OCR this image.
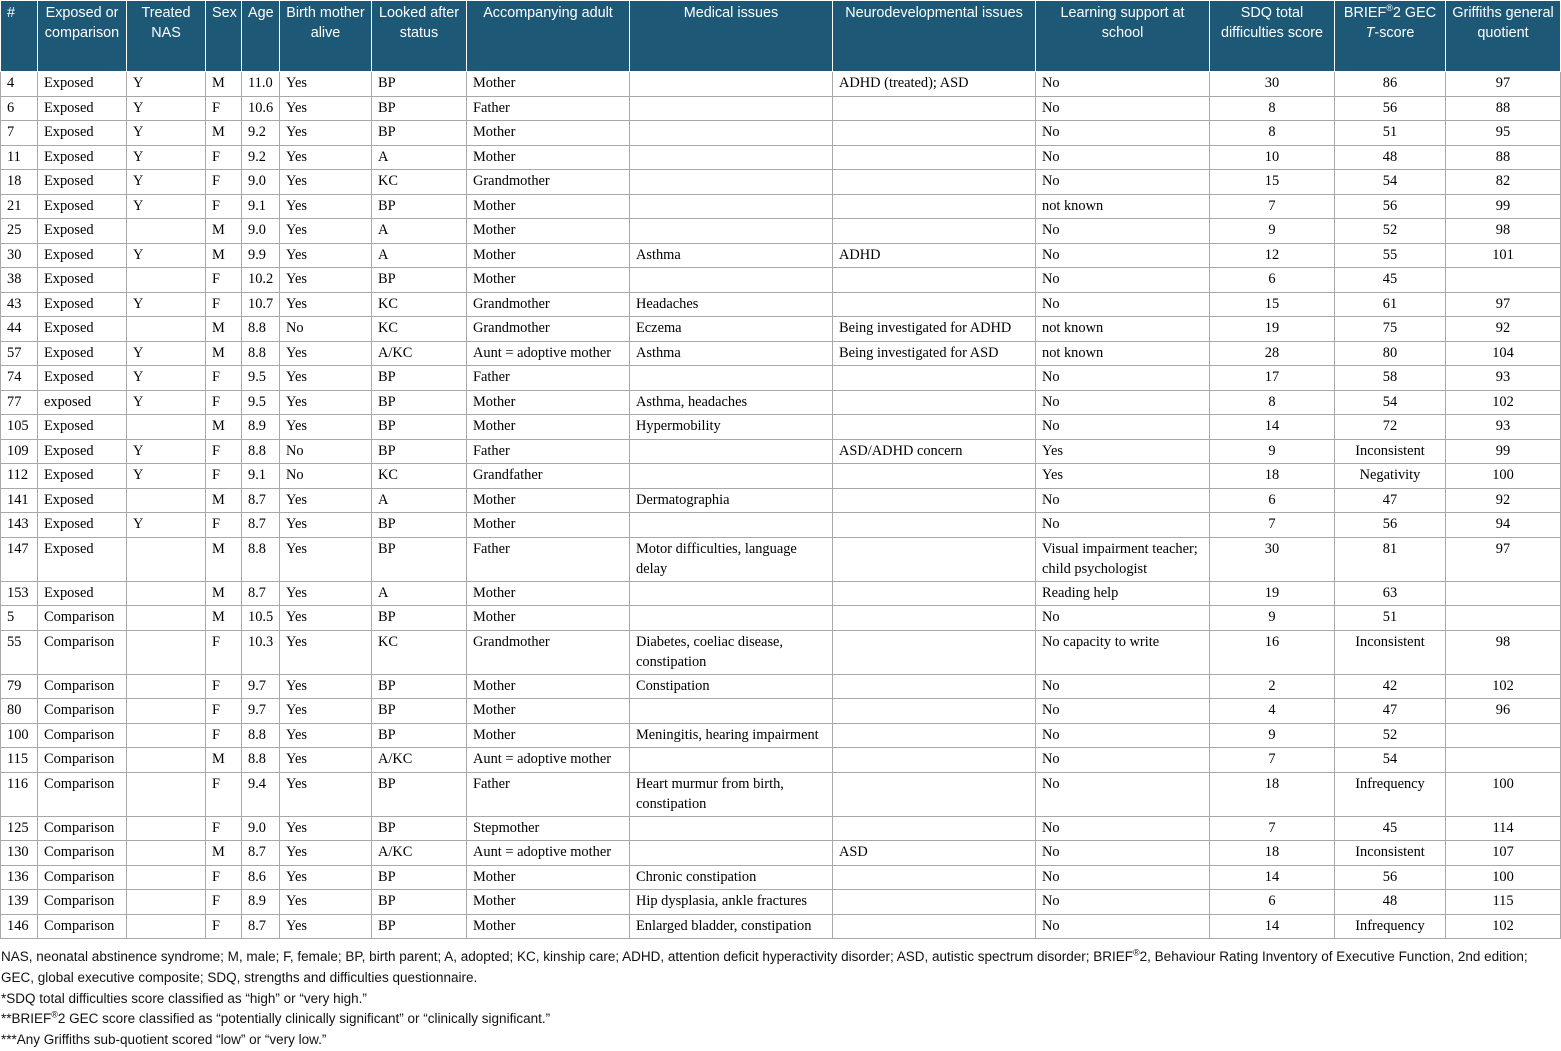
#	Exposed or comparison	Treated NAS	Sex	Age	Birth mother alive	Looked after status	Accompanying adult	Medical issues	Neurodevelopmental issues	Learning support at school	SDQ total difficulties score	BRIEF®2 GEC T-score	Griffiths general quotient
4	Exposed	Y	M	11.0	Yes	BP	Mother		ADHD (treated); ASD	No	30	86	97
6	Exposed	Y	F	10.6	Yes	BP	Father			No	8	56	88
7	Exposed	Y	M	9.2	Yes	BP	Mother			No	8	51	95
11	Exposed	Y	F	9.2	Yes	A	Mother			No	10	48	88
18	Exposed	Y	F	9.0	Yes	KC	Grandmother			No	15	54	82
21	Exposed	Y	F	9.1	Yes	BP	Mother			not known	7	56	99
25	Exposed		M	9.0	Yes	A	Mother			No	9	52	98
30	Exposed	Y	M	9.9	Yes	A	Mother	Asthma	ADHD	No	12	55	101
38	Exposed		F	10.2	Yes	BP	Mother			No	6	45	
43	Exposed	Y	F	10.7	Yes	KC	Grandmother	Headaches		No	15	61	97
44	Exposed		M	8.8	No	KC	Grandmother	Eczema	Being investigated for ADHD	not known	19	75	92
57	Exposed	Y	M	8.8	Yes	A/KC	Aunt = adoptive mother	Asthma	Being investigated for ASD	not known	28	80	104
74	Exposed	Y	F	9.5	Yes	BP	Father			No	17	58	93
77	exposed	Y	F	9.5	Yes	BP	Mother	Asthma, headaches		No	8	54	102
105	Exposed		M	8.9	Yes	BP	Mother	Hypermobility		No	14	72	93
109	Exposed	Y	F	8.8	No	BP	Father		ASD/ADHD concern	Yes	9	Inconsistent	99
112	Exposed	Y	F	9.1	No	KC	Grandfather			Yes	18	Negativity	100
141	Exposed		M	8.7	Yes	A	Mother	Dermatographia		No	6	47	92
143	Exposed	Y	F	8.7	Yes	BP	Mother			No	7	56	94
147	Exposed		M	8.8	Yes	BP	Father	Motor difficulties, language delay		Visual impairment teacher; child psychologist	30	81	97
153	Exposed		M	8.7	Yes	A	Mother			Reading help	19	63	
5	Comparison		M	10.5	Yes	BP	Mother			No	9	51	
55	Comparison		F	10.3	Yes	KC	Grandmother	Diabetes, coeliac disease, constipation		No capacity to write	16	Inconsistent	98
79	Comparison		F	9.7	Yes	BP	Mother	Constipation		No	2	42	102
80	Comparison		F	9.7	Yes	BP	Mother			No	4	47	96
100	Comparison		F	8.8	Yes	BP	Mother	Meningitis, hearing impairment		No	9	52	
115	Comparison		M	8.8	Yes	A/KC	Aunt = adoptive mother			No	7	54	
116	Comparison		F	9.4	Yes	BP	Father	Heart murmur from birth, constipation		No	18	Infrequency	100
125	Comparison		F	9.0	Yes	BP	Stepmother			No	7	45	114
130	Comparison		M	8.7	Yes	A/KC	Aunt = adoptive mother		ASD	No	18	Inconsistent	107
136	Comparison		F	8.6	Yes	BP	Mother	Chronic constipation		No	14	56	100
139	Comparison		F	8.9	Yes	BP	Mother	Hip dysplasia, ankle fractures		No	6	48	115
146	Comparison		F	8.7	Yes	BP	Mother	Enlarged bladder, constipation		No	14	Infrequency	102
NAS, neonatal abstinence syndrome; M, male; F, female; BP, birth parent; A, adopted; KC, kinship care; ADHD, attention deficit hyperactivity disorder; ASD, autistic spectrum disorder; BRIEF®2, Behaviour Rating Inventory of Executive Function, 2nd edition; GEC, global executive composite; SDQ, strengths and difficulties questionnaire.
*SDQ total difficulties score classified as “high” or “very high.”
**BRIEF®2 GEC score classified as “potentially clinically significant” or “clinically significant.”
***Any Griffiths sub-quotient scored “low” or “very low.”
